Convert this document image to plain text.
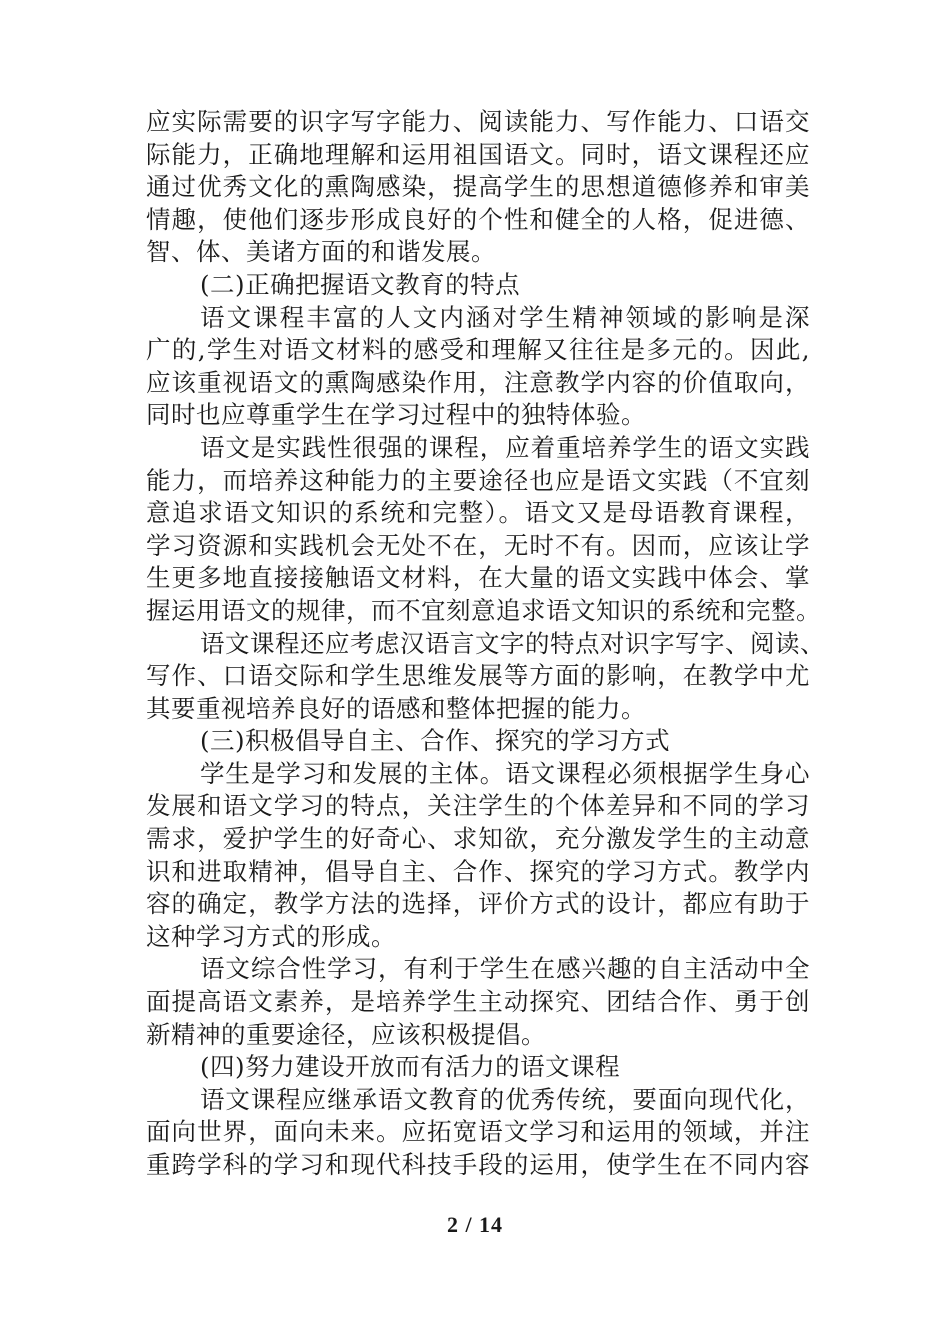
应实际需要的识字写字能力、阅读能力、写作能力、口语交
际能力，正确地理解和运用祖国语文。同时，语文课程还应
通过优秀文化的熏陶感染，提高学生的思想道德修养和审美
情趣，使他们逐步形成良好的个性和健全的人格，促进德、
智、体、美诸方面的和谐发展。
(二)正确把握语文教育的特点
语文课程丰富的人文内涵对学生精神领域的影响是深
广的,学生对语文材料的感受和理解又往往是多元的。因此,
应该重视语文的熏陶感染作用，注意教学内容的价值取向，
同时也应尊重学生在学习过程中的独特体验。
语文是实践性很强的课程，应着重培养学生的语文实践
能力，而培养这种能力的主要途径也应是语文实践（不宜刻
意追求语文知识的系统和完整）。语文又是母语教育课程，
学习资源和实践机会无处不在，无时不有。因而，应该让学
生更多地直接接触语文材料，在大量的语文实践中体会、掌
握运用语文的规律，而不宜刻意追求语文知识的系统和完整。
语文课程还应考虑汉语言文字的特点对识字写字、阅读、
写作、口语交际和学生思维发展等方面的影响，在教学中尤
其要重视培养良好的语感和整体把握的能力。
(三)积极倡导自主、合作、探究的学习方式
学生是学习和发展的主体。语文课程必须根据学生身心
发展和语文学习的特点，关注学生的个体差异和不同的学习
需求，爱护学生的好奇心、求知欲，充分激发学生的主动意
识和进取精神，倡导自主、合作、探究的学习方式。教学内
容的确定，教学方法的选择，评价方式的设计，都应有助于
这种学习方式的形成。
语文综合性学习，有利于学生在感兴趣的自主活动中全
面提高语文素养，是培养学生主动探究、团结合作、勇于创
新精神的重要途径，应该积极提倡。
(四)努力建设开放而有活力的语文课程
语文课程应继承语文教育的优秀传统，要面向现代化，
面向世界，面向未来。应拓宽语文学习和运用的领域，并注
重跨学科的学习和现代科技手段的运用，使学生在不同内容
2 / 14
